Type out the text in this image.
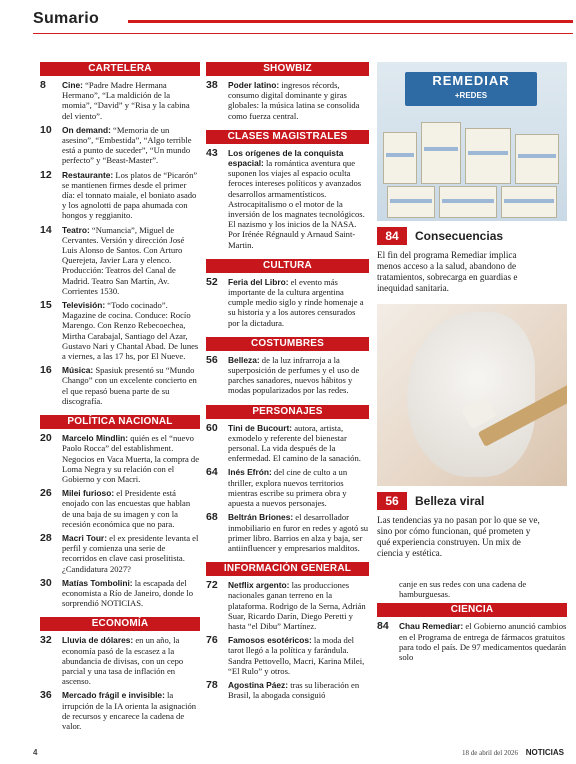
Sumario
CARTELERA
8	Cine: “Padre Madre Hermana Hermano”, “La maldición de la momia”, “David” y “Risa y la cabina del viento”.
10	On demand: “Memoria de un asesino”, “Embestida”, “Algo terrible está a punto de suceder”, “Un mundo perfecto” y “Beast-Master”.
12	Restaurante: Los platos de “Picarón” se mantienen firmes desde el primer día: el tonnato maiale, el boniato asado y los agnolotti de papa ahumada con hongos y reggianito.
14	Teatro: “Numancia”, Miguel de Cervantes. Versión y dirección José Luis Alonso de Santos. Con Arturo Querejeta, Javier Lara y elenco. Producción: Teatros del Canal de Madrid. Teatro San Martín, Av. Corrientes 1530.
15	Televisión: “Todo cocinado”. Magazine de cocina. Conduce: Rocío Marengo. Con Renzo Rebecoechea, Mirtha Carabajal, Santiago del Azar, Gustavo Nari y Chantal Abad. De lunes a viernes, a las 17 hs, por El Nueve.
16	Música: Spasiuk presentó su “Mundo Chango” con un excelente concierto en el que repasó buena parte de su discografía.
POLÍTICA NACIONAL
20	Marcelo Mindlin: quién es el “nuevo Paolo Rocca” del establishment. Negocios en Vaca Muerta, la compra de Loma Negra y su relación con el Gobierno y con Macri.
26	Milei furioso: el Presidente está enojado con las encuestas que hablan de una baja de su imagen y con la recesión económica que no para.
28	Macri Tour: el ex presidente levanta el perfil y comienza una serie de recorridos en clave casi proselitista. ¿Candidatura 2027?
30	Matías Tombolini: la escapada del economista a Río de Janeiro, donde lo sorprendió NOTICIAS.
ECONOMÍA
32	Lluvia de dólares: en un año, la economía pasó de la escasez a la abundancia de divisas, con un cepo parcial y una tasa de inflación en ascenso.
36	Mercado frágil e invisible: la irrupción de la IA orienta la asignación de recursos y encarece la cadena de valor.
SHOWBIZ
38	Poder latino: ingresos récords, consumo digital dominante y giras globales: la música latina se consolida como fuerza central.
CLASES MAGISTRALES
43	Los orígenes de la conquista espacial: la romántica aventura que suponen los viajes al espacio oculta feroces intereses políticos y avanzados desarrollos armamentísticos. Astrocapitalismo o el motor de la inversión de los magnates tecnológicos. El nazismo y los inicios de la NASA. Por Irénée Régnauld y Arnaud Saint-Martin.
CULTURA
52	Feria del Libro: el evento más importante de la cultura argentina cumple medio siglo y rinde homenaje a su historia y a los autores censurados por la dictadura.
COSTUMBRES
56	Belleza: de la luz infrarroja a la superposición de perfumes y el uso de parches sanadores, nuevos hábitos y modas popularizados por las redes.
PERSONAJES
60	Tini de Bucourt: autora, artista, exmodelo y referente del bienestar personal. La vida después de la enfermedad. El camino de la sanación.
64	Inés Efrón: del cine de culto a un thriller, explora nuevos territorios mientras escribe su primera obra y apuesta a nuevos personajes.
68	Beltrán Briones: el desarrollador inmobiliario en furor en redes y agotó su primer libro. Barrios en alza y baja, ser antiinfluencer y empresarios malditos.
INFORMACIÓN GENERAL
72	Netflix argento: las producciones nacionales ganan terreno en la plataforma. Rodrigo de la Serna, Adrián Suar, Ricardo Darín, Diego Peretti y hasta “el Dibu” Martínez.
76	Famosos esotéricos: la moda del tarot llegó a la política y farándula. Sandra Pettovello, Macri, Karina Milei, “El Rulo” y otros.
78	Agostina Páez: tras su liberación en Brasil, la abogada consiguió
REMEDIAR
+REDES
84	Consecuencias
El fin del programa Remediar implica menos acceso a la salud, abandono de tratamientos, sobrecarga en guardias e inequidad sanitaria.
56	Belleza viral
Las tendencias ya no pasan por lo que se ve, sino por cómo funcionan, qué prometen y qué experiencia construyen. Un mix de ciencia y estética.
canje en sus redes con una cadena de hamburguesas.
CIENCIA
84	Chau Remediar: el Gobierno anunció cambios en el Programa de entrega de fármacos gratuitos para todo el país. De 97 medicamentos quedarán solo
4	18 de abril del 2026 NOTICIAS
